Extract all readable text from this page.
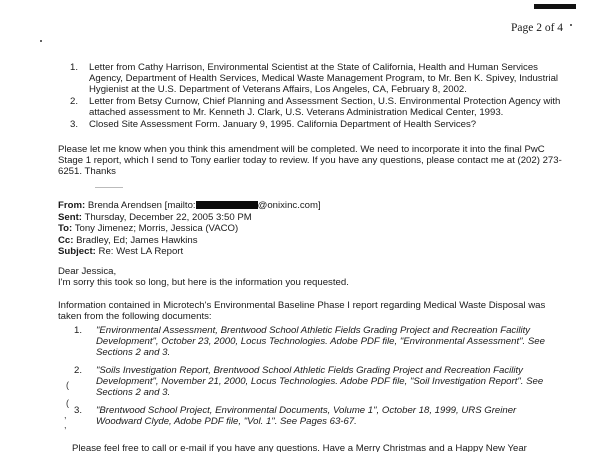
Page 2 of 4
1. Letter from Cathy Harrison, Environmental Scientist at the State of California, Health and Human Services Agency, Department of Health Services, Medical Waste Management Program, to Mr. Ben K. Spivey, Industrial Hygienist at the U.S. Department of Veterans Affairs, Los Angeles, CA, February 8, 2002.
2. Letter from Betsy Curnow, Chief Planning and Assessment Section, U.S. Environmental Protection Agency with attached assessment to Mr. Kenneth J. Clark, U.S. Veterans Administration Medical Center, 1993.
3. Closed Site Assessment Form. January 9, 1995. California Department of Health Services?
Please let me know when you think this amendment will be completed. We need to incorporate it into the final PwC Stage 1 report, which I send to Tony earlier today to review. If you have any questions, please contact me at (202) 273-6251. Thanks
From: Brenda Arendsen [mailto:	@onixinc.com]
Sent: Thursday, December 22, 2005 3:50 PM
To: Tony Jimenez; Morris, Jessica (VACO)
Cc: Bradley, Ed; James Hawkins
Subject: Re: West LA Report
Dear Jessica,
I'm sorry this took so long, but here is the information you requested.
Information contained in Microtech's Environmental Baseline Phase I report regarding Medical Waste Disposal was taken from the following documents:
1. "Environmental Assessment, Brentwood School Athletic Fields Grading Project and Recreation Facility Development", October 23, 2000, Locus Technologies. Adobe PDF file, "Environmental Assessment". See Sections 2 and 3.
2. "Soils Investigation Report, Brentwood School Athletic Fields Grading Project and Recreation Facility Development", November 21, 2000, Locus Technologies. Adobe PDF file, "Soil Investigation Report". See Sections 2 and 3.
3. "Brentwood School Project, Environmental Documents, Volume 1", October 18, 1999, URS Greiner Woodward Clyde, Adobe PDF file, "Vol. 1". See Pages 63-67.
(
(
,
,
Please feel free to call or e-mail if you have any questions. Have a Merry Christmas and a Happy New Year
